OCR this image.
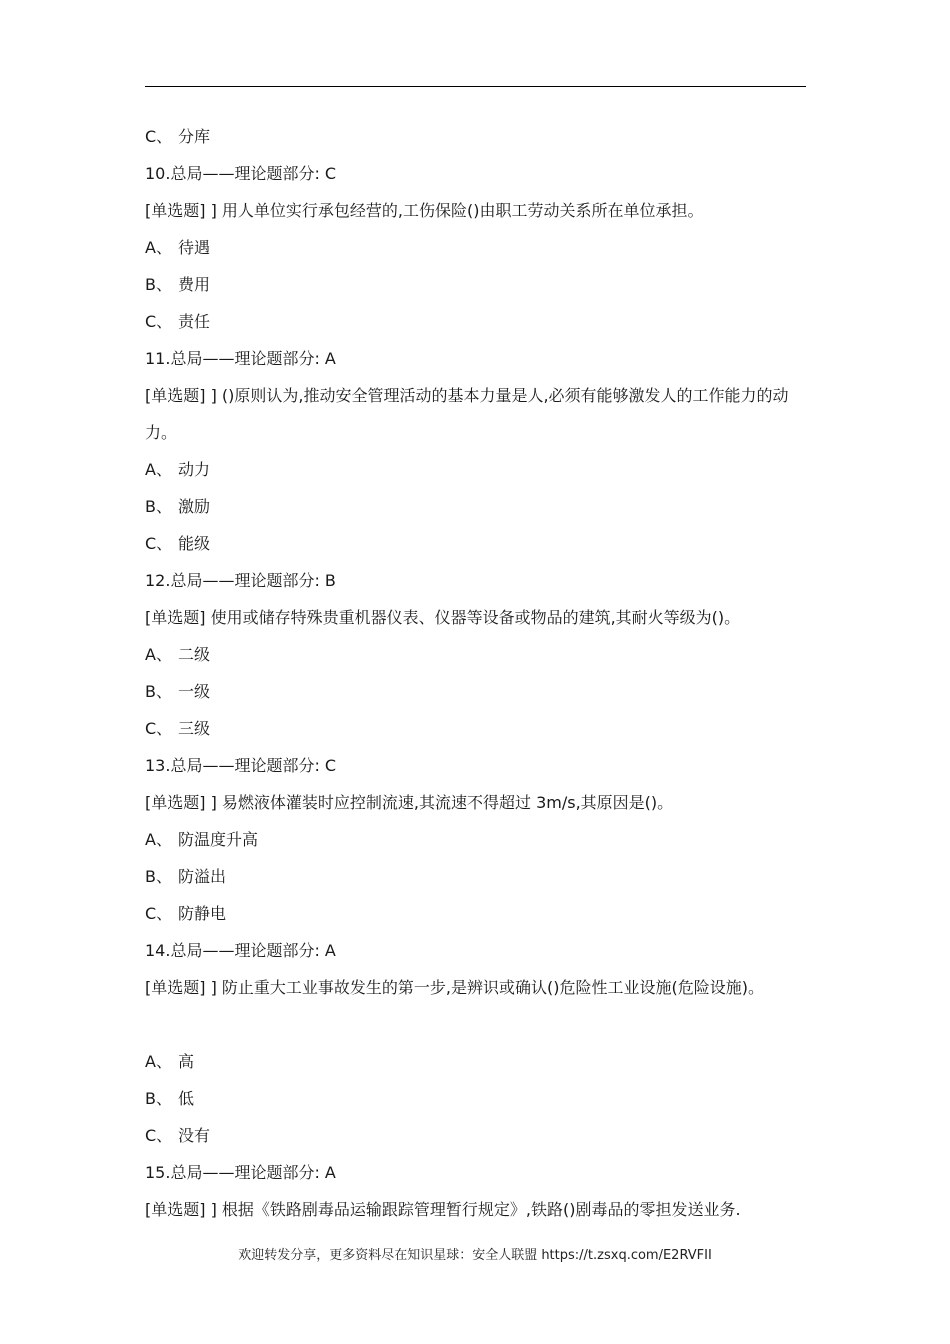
C、 分库
10.总局——理论题部分: C
[单选题] ] 用人单位实行承包经营的,工伤保险()由职工劳动关系所在单位承担。
A、 待遇
B、 费用
C、 责任
11.总局——理论题部分: A
[单选题] ] ()原则认为,推动安全管理活动的基本力量是人,必须有能够激发人的工作能力的动力。
A、 动力
B、 激励
C、 能级
12.总局——理论题部分: B
[单选题] 使用或储存特殊贵重机器仪表、仪器等设备或物品的建筑,其耐火等级为()。
A、 二级
B、 一级
C、 三级
13.总局——理论题部分: C
[单选题] ] 易燃液体灌装时应控制流速,其流速不得超过 3m/s,其原因是()。
A、 防温度升高
B、 防溢出
C、 防静电
14.总局——理论题部分: A
[单选题] ] 防止重大工业事故发生的第一步,是辨识或确认()危险性工业设施(危险设施)。
A、 高
B、 低
C、 没有
15.总局——理论题部分: A
[单选题] ] 根据《铁路剧毒品运输跟踪管理暂行规定》,铁路()剧毒品的零担发送业务.
欢迎转发分享，更多资料尽在知识星球：安全人联盟 https://t.zsxq.com/E2RVFII
